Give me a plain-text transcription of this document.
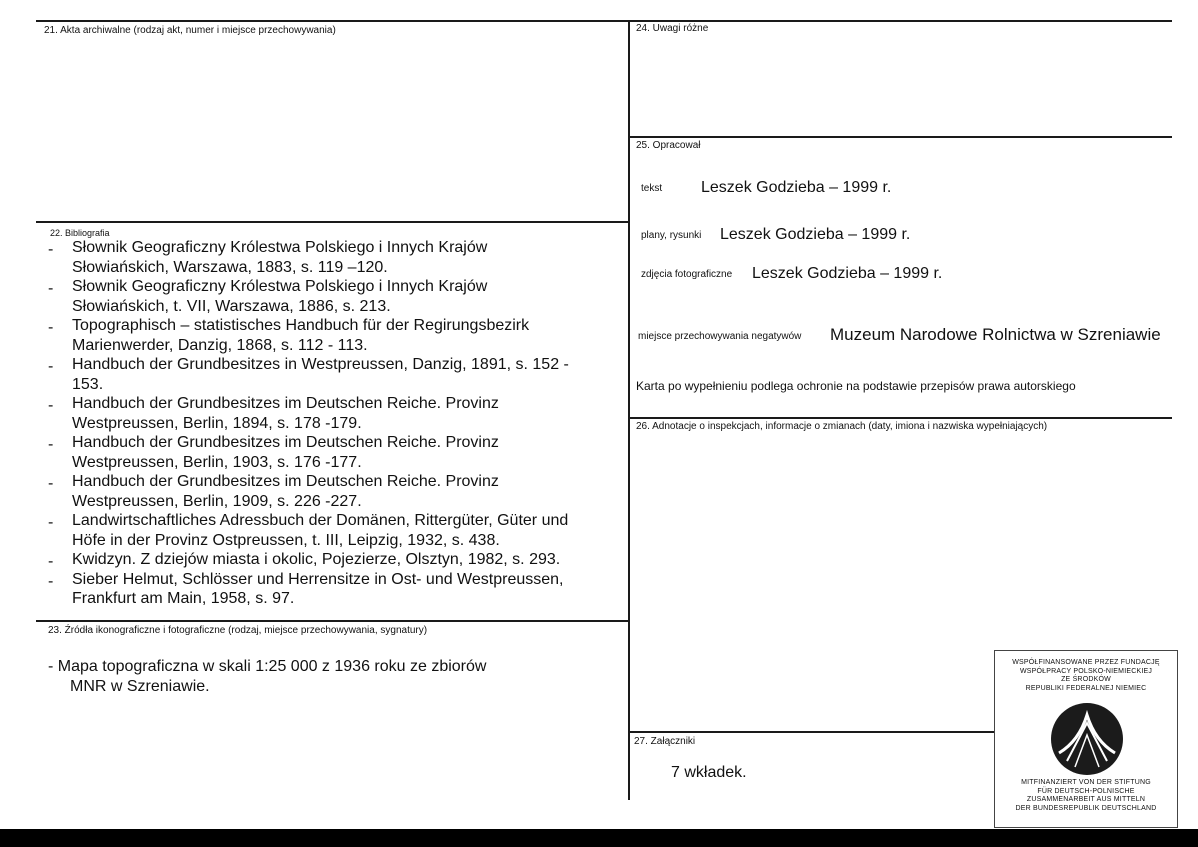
21. Akta archiwalne (rodzaj akt, numer i miejsce przechowywania)	24. Uwagi różne
25. Opracował
tekst Leszek Godzieba – 1999 r.
plany, rysunki Leszek Godzieba – 1999 r.
zdjęcia fotograficzne Leszek Godzieba – 1999 r.
miejsce przechowywania negatywów Muzeum Narodowe Rolnictwa w Szreniawie
Karta po wypełnieniu podlega ochronie na podstawie przepisów prawa autorskiego
22. Bibliografia
- Słownik Geograficzny Królestwa Polskiego i Innych Krajów
Słowiańskich, Warszawa, 1883, s. 119 –120.
- Słownik Geograficzny Królestwa Polskiego i Innych Krajów
Słowiańskich, t. VII, Warszawa, 1886, s. 213.
- Topographisch – statistisches Handbuch für der Regirungsbezirk
Marienwerder, Danzig, 1868, s. 112 - 113.
- Handbuch der Grundbesitzes in Westpreussen, Danzig, 1891, s. 152 -
153.
- Handbuch der Grundbesitzes im Deutschen Reiche. Provinz
Westpreussen, Berlin, 1894, s. 178 -179.
- Handbuch der Grundbesitzes im Deutschen Reiche. Provinz
Westpreussen, Berlin, 1903, s. 176 -177.
- Handbuch der Grundbesitzes im Deutschen Reiche. Provinz
Westpreussen, Berlin, 1909, s. 226 -227.
- Landwirtschaftliches Adressbuch der Domänen, Rittergüter, Güter und
Höfe in der Provinz Ostpreussen, t. III, Leipzig, 1932, s. 438.
- Kwidzyn. Z dziejów miasta i okolic, Pojezierze, Olsztyn, 1982, s. 293.
- Sieber Helmut, Schlösser und Herrensitze in Ost- und Westpreussen,
Frankfurt am Main, 1958, s. 97.
23. Źródła ikonograficzne i fotograficzne (rodzaj, miejsce przechowywania, sygnatury)
- Mapa topograficzna w skali 1:25 000 z 1936 roku ze zbiorów
MNR w Szreniawie.
26. Adnotacje o inspekcjach, informacje o zmianach (daty, imiona i nazwiska wypełniających)
27. Załączniki
7 wkładek.
WSPÓŁFINANSOWANE PRZEZ FUNDACJĘ
WSPÓŁPRACY POLSKO-NIEMIECKIEJ
ZE ŚRODKÓW
REPUBLIKI FEDERALNEJ NIEMIEC
MITFINANZIERT VON DER STIFTUNG
FÜR DEUTSCH-POLNISCHE
ZUSAMMENARBEIT AUS MITTELN
DER BUNDESREPUBLIK DEUTSCHLAND
